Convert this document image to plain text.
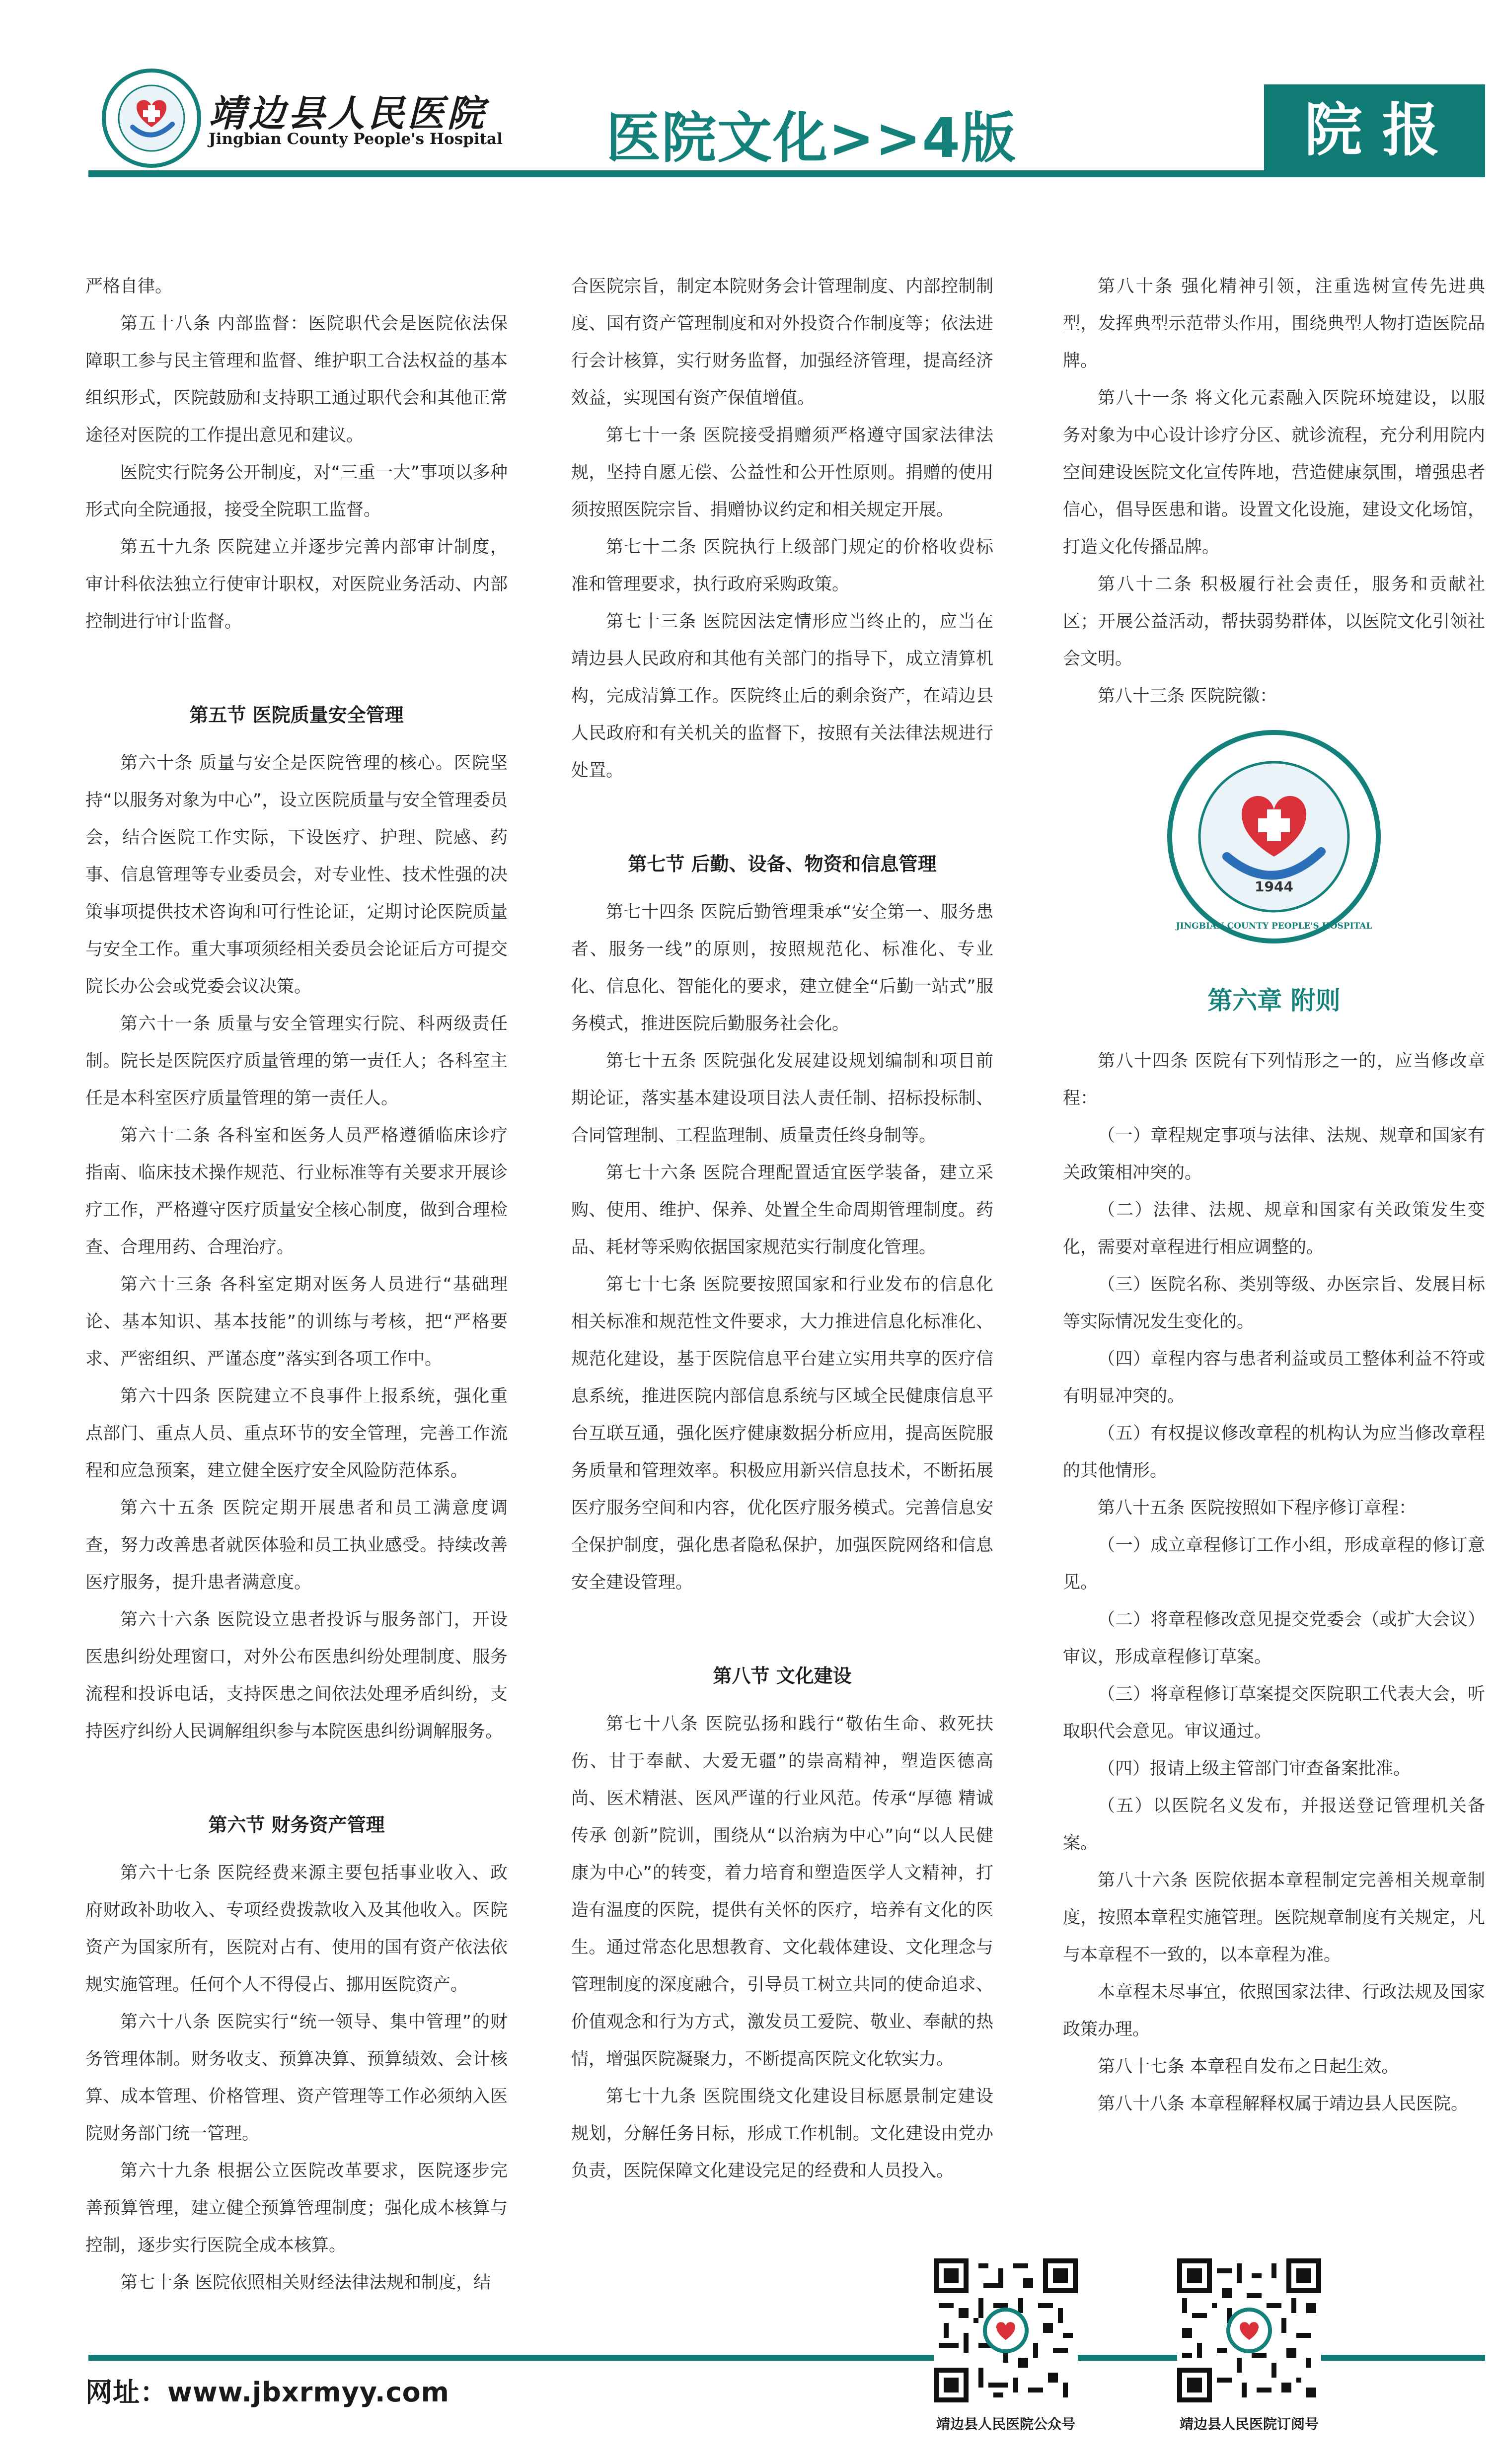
靖边县人民医院
Jingbian County People's Hospital 医院文化>>4版	院报

严格自律。

第五十八条 内部监督：医院职代会是医院依法保障职工参与民主管理和监督、维护职工合法权益的基本组织形式，医院鼓励和支持职工通过职代会和其他正常途径对医院的工作提出意见和建议。

医院实行院务公开制度，对“三重一大”事项以多种形式向全院通报，接受全院职工监督。

第五十九条 医院建立并逐步完善内部审计制度，审计科依法独立行使审计职权，对医院业务活动、内部控制进行审计监督。

第五节 医院质量安全管理

第六十条 质量与安全是医院管理的核心。医院坚持“以服务对象为中心”，设立医院质量与安全管理委员会，结合医院工作实际，下设医疗、护理、院感、药事、信息管理等专业委员会，对专业性、技术性强的决策事项提供技术咨询和可行性论证，定期讨论医院质量与安全工作。重大事项须经相关委员会论证后方可提交院长办公会或党委会议决策。

第六十一条 质量与安全管理实行院、科两级责任制。院长是医院医疗质量管理的第一责任人；各科室主任是本科室医疗质量管理的第一责任人。

第六十二条 各科室和医务人员严格遵循临床诊疗指南、临床技术操作规范、行业标准等有关要求开展诊疗工作，严格遵守医疗质量安全核心制度，做到合理检查、合理用药、合理治疗。

第六十三条 各科室定期对医务人员进行“基础理论、基本知识、基本技能”的训练与考核，把“严格要求、严密组织、严谨态度”落实到各项工作中。

第六十四条 医院建立不良事件上报系统，强化重点部门、重点人员、重点环节的安全管理，完善工作流程和应急预案，建立健全医疗安全风险防范体系。

第六十五条 医院定期开展患者和员工满意度调查，努力改善患者就医体验和员工执业感受。持续改善医疗服务，提升患者满意度。

第六十六条 医院设立患者投诉与服务部门，开设医患纠纷处理窗口，对外公布医患纠纷处理制度、服务流程和投诉电话，支持医患之间依法处理矛盾纠纷，支持医疗纠纷人民调解组织参与本院医患纠纷调解服务。

第六节 财务资产管理

第六十七条 医院经费来源主要包括事业收入、政府财政补助收入、专项经费拨款收入及其他收入。医院资产为国家所有，医院对占有、使用的国有资产依法依规实施管理。任何个人不得侵占、挪用医院资产。

第六十八条 医院实行“统一领导、集中管理”的财务管理体制。财务收支、预算决算、预算绩效、会计核算、成本管理、价格管理、资产管理等工作必须纳入医院财务部门统一管理。

第六十九条 根据公立医院改革要求，医院逐步完善预算管理，建立健全预算管理制度；强化成本核算与控制，逐步实行医院全成本核算。

第七十条 医院依照相关财经法律法规和制度，结

合医院宗旨，制定本院财务会计管理制度、内部控制制度、国有资产管理制度和对外投资合作制度等；依法进行会计核算，实行财务监督，加强经济管理，提高经济效益，实现国有资产保值增值。

第七十一条 医院接受捐赠须严格遵守国家法律法规，坚持自愿无偿、公益性和公开性原则。捐赠的使用须按照医院宗旨、捐赠协议约定和相关规定开展。

第七十二条 医院执行上级部门规定的价格收费标准和管理要求，执行政府采购政策。

第七十三条 医院因法定情形应当终止的，应当在靖边县人民政府和其他有关部门的指导下，成立清算机构，完成清算工作。医院终止后的剩余资产，在靖边县人民政府和有关机关的监督下，按照有关法律法规进行处置。

第七节 后勤、设备、物资和信息管理

第七十四条 医院后勤管理秉承“安全第一、服务患者、服务一线”的原则，按照规范化、标准化、专业化、信息化、智能化的要求，建立健全“后勤一站式”服务模式，推进医院后勤服务社会化。

第七十五条 医院强化发展建设规划编制和项目前期论证，落实基本建设项目法人责任制、招标投标制、合同管理制、工程监理制、质量责任终身制等。

第七十六条 医院合理配置适宜医学装备，建立采购、使用、维护、保养、处置全生命周期管理制度。药品、耗材等采购依据国家规范实行制度化管理。

第七十七条 医院要按照国家和行业发布的信息化相关标准和规范性文件要求，大力推进信息化标准化、规范化建设，基于医院信息平台建立实用共享的医疗信息系统，推进医院内部信息系统与区域全民健康信息平台互联互通，强化医疗健康数据分析应用，提高医院服务质量和管理效率。积极应用新兴信息技术，不断拓展医疗服务空间和内容，优化医疗服务模式。完善信息安全保护制度，强化患者隐私保护，加强医院网络和信息安全建设管理。

第八节 文化建设

第七十八条 医院弘扬和践行“敬佑生命、救死扶伤、甘于奉献、大爱无疆”的崇高精神，塑造医德高尚、医术精湛、医风严谨的行业风范。传承“厚德 精诚 传承 创新”院训，围绕从“以治病为中心”向“以人民健康为中心”的转变，着力培育和塑造医学人文精神，打造有温度的医院，提供有关怀的医疗，培养有文化的医生。通过常态化思想教育、文化载体建设、文化理念与管理制度的深度融合，引导员工树立共同的使命追求、价值观念和行为方式，激发员工爱院、敬业、奉献的热情，增强医院凝聚力，不断提高医院文化软实力。

第七十九条 医院围绕文化建设目标愿景制定建设规划，分解任务目标，形成工作机制。文化建设由党办负责，医院保障文化建设完足的经费和人员投入。

第八十条 强化精神引领，注重选树宣传先进典型，发挥典型示范带头作用，围绕典型人物打造医院品牌。

第八十一条 将文化元素融入医院环境建设，以服务对象为中心设计诊疗分区、就诊流程，充分利用院内空间建设医院文化宣传阵地，营造健康氛围，增强患者信心，倡导医患和谐。设置文化设施，建设文化场馆，打造文化传播品牌。

第八十二条 积极履行社会责任，服务和贡献社区；开展公益活动，帮扶弱势群体，以医院文化引领社会文明。

第八十三条 医院院徽：

1944
JINGBIAN COUNTY PEOPLE'S HOSPITAL
第六章 附则

第八十四条 医院有下列情形之一的，应当修改章程：

（一）章程规定事项与法律、法规、规章和国家有关政策相冲突的。

（二）法律、法规、规章和国家有关政策发生变化，需要对章程进行相应调整的。

（三）医院名称、类别等级、办医宗旨、发展目标等实际情况发生变化的。

（四）章程内容与患者利益或员工整体利益不符或有明显冲突的。

（五）有权提议修改章程的机构认为应当修改章程的其他情形。

第八十五条 医院按照如下程序修订章程：

（一）成立章程修订工作小组，形成章程的修订意见。

（二）将章程修改意见提交党委会（或扩大会议）审议，形成章程修订草案。

（三）将章程修订草案提交医院职工代表大会，听取职代会意见。审议通过。

（四）报请上级主管部门审查备案批准。

（五）以医院名义发布，并报送登记管理机关备案。

第八十六条 医院依据本章程制定完善相关规章制度，按照本章程实施管理。医院规章制度有关规定，凡与本章程不一致的，以本章程为准。

本章程未尽事宜，依照国家法律、行政法规及国家政策办理。

第八十七条 本章程自发布之日起生效。

第八十八条 本章程解释权属于靖边县人民医院。

网址：www.jbxrmyy.com
靖边县人民医院公众号	靖边县人民医院订阅号
